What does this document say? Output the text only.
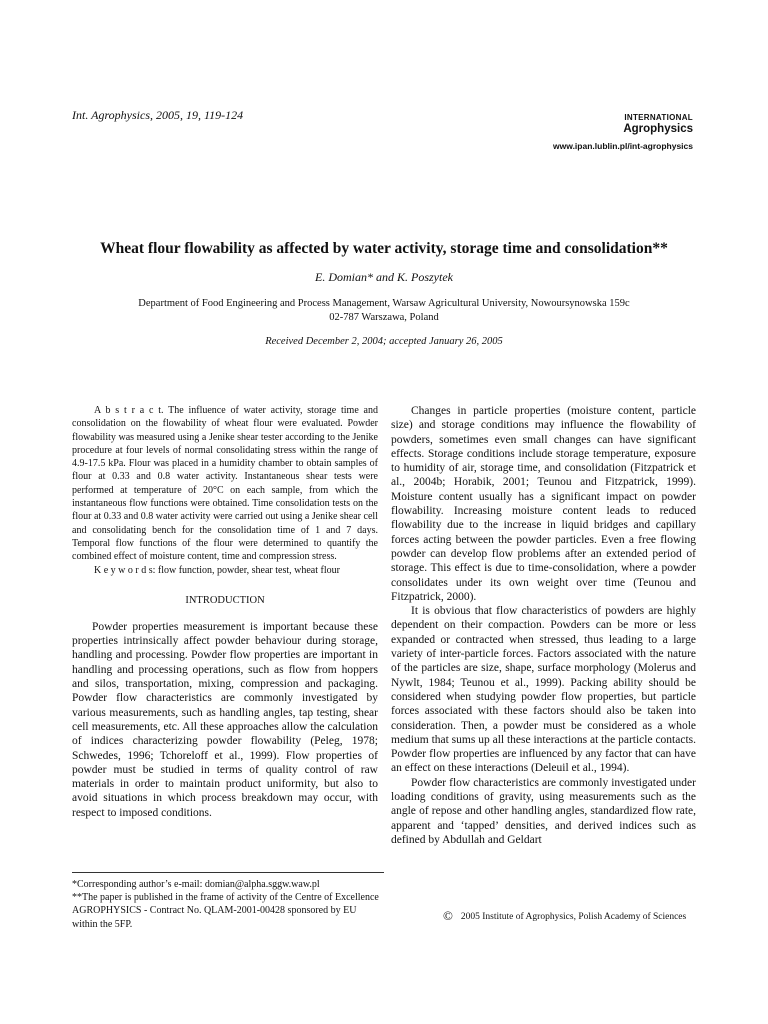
Int. Agrophysics, 2005, 19, 119-124	INTERNATIONAL
Agrophysics
www.ipan.lublin.pl/int-agrophysics
Wheat flour flowability as affected by water activity, storage time and consolidation**
E. Domian* and K. Poszytek
Department of Food Engineering and Process Management, Warsaw Agricultural University, Nowoursynowska 159c
02-787 Warszawa, Poland
Received December 2, 2004; accepted January 26, 2005

A b s t r a c t. The influence of water activity, storage time and consolidation on the flowability of wheat flour were evaluated. Powder flowability was measured using a Jenike shear tester according to the Jenike procedure at four levels of normal consolidating stress within the range of 4.9-17.5 kPa. Flour was placed in a humidity chamber to obtain samples of flour at 0.33 and 0.8 water activity. Instantaneous shear tests were performed at temperature of 20°C on each sample, from which the instantaneous flow functions were obtained. Time consolidation tests on the flour at 0.33 and 0.8 water activity were carried out using a Jenike shear cell and consolidating bench for the consolidation time of 1 and 7 days. Temporal flow functions of the flour were determined to quantify the combined effect of moisture content, time and compression stress.

K e y w o r d s: flow function, powder, shear test, wheat flour

INTRODUCTION

Powder properties measurement is important because these properties intrinsically affect powder behaviour during storage, handling and processing. Powder flow properties are important in handling and processing operations, such as flow from hoppers and silos, transportation, mixing, compression and packaging. Powder flow characteristics are commonly investigated by various measurements, such as handling angles, tap testing, shear cell measurements, etc. All these approaches allow the calculation of indices characterizing powder flowability (Peleg, 1978; Schwedes, 1996; Tchoreloff et al., 1999). Flow properties of powder must be studied in terms of quality control of raw materials in order to maintain product uniformity, but also to avoid situations in which process breakdown may occur, with respect to imposed conditions.

Changes in particle properties (moisture content, particle size) and storage conditions may influence the flowability of powders, sometimes even small changes can have significant effects. Storage conditions include storage temperature, exposure to humidity of air, storage time, and consolidation (Fitzpatrick et al., 2004b; Horabik, 2001; Teunou and Fitzpatrick, 1999). Moisture content usually has a significant impact on powder flowability. Increasing moisture content leads to reduced flowability due to the increase in liquid bridges and capillary forces acting between the powder particles. Even a free flowing powder can develop flow problems after an extended period of storage. This effect is due to time-consolidation, where a powder consolidates under its own weight over time (Teunou and Fitzpatrick, 2000).

It is obvious that flow characteristics of powders are highly dependent on their compaction. Powders can be more or less expanded or contracted when stressed, thus leading to a large variety of inter-particle forces. Factors associated with the nature of the particles are size, shape, surface morphology (Molerus and Nywlt, 1984; Teunou et al., 1999). Packing ability should be considered when studying powder flow properties, but particle forces associated with these factors should also be taken into consideration. Then, a powder must be considered as a whole medium that sums up all these interactions at the particle contacts. Powder flow properties are influenced by any factor that can have an effect on these interactions (Deleuil et al., 1994).

Powder flow characteristics are commonly investigated under loading conditions of gravity, using measurements such as the angle of repose and other handling angles, standardized flow rate, apparent and ‘tapped’ densities, and derived indices such as defined by Abdullah and Geldart

*Corresponding author’s e-mail: domian@alpha.sggw.waw.pl
**The paper is published in the frame of activity of the Centre of Excellence AGROPHYSICS - Contract No. QLAM-2001-00428 sponsored by EU within the 5FP.
© 2005 Institute of Agrophysics, Polish Academy of Sciences
